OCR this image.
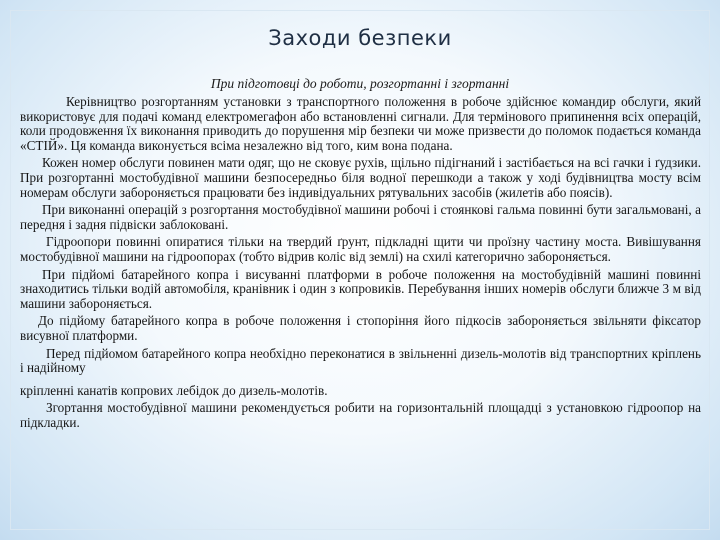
Заходи безпеки
При підготовці до роботи, розгортанні і згортанні

Керівництво розгортанням установки з транспортного положення в робоче здійснює командир обслуги, який використовує для подачі команд електромегафон або встановленні сигнали. Для термінового припинення всіх операцій, коли продовження їх виконання приводить до порушення мір безпеки чи може призвести до поломок подається команда «СТІЙ». Ця команда виконується всіма незалежно від того, ким вона подана.

Кожен номер обслуги повинен мати одяг, що не сковує рухів, щільно підігнаний і застібається на всі гачки і ґудзики. При розгортанні мостобудівної машини безпосередньо біля водної перешкоди а також у ході будівництва мосту всім номерам обслуги забороняється працювати без індивідуальних рятувальних засобів (жилетів або поясів).

При виконанні операцій з розгортання мостобудівної машини робочі і стоянкові гальма повинні бути загальмовані, а передня і задня підвіски заблоковані.

Гідроопори повинні опиратися тільки на твердий ґрунт, підкладні щити чи проїзну частину моста. Вивішування мостобудівної машини на гідроопорах (тобто відрив коліс від землі) на схилі категорично забороняється.

При підйомі батарейного копра і висуванні платформи в робоче положення на мостобудівній машині повинні знаходитись тільки водій автомобіля, кранівник і один з копровиків. Перебування інших номерів обслуги ближче 3 м від машини забороняється.

До підйому батарейного копра в робоче положення і стопоріння його підкосів забороняється звільняти фіксатор висувної платформи.

Перед підйомом батарейного копра необхідно переконатися в звільненні дизель-молотів від транспортних кріплень і надійному

кріпленні канатів копрових лебідок до дизель-молотів.

Згортання мостобудівної машини рекомендується робити на горизонтальній площадці з установкою гідроопор на підкладки.
